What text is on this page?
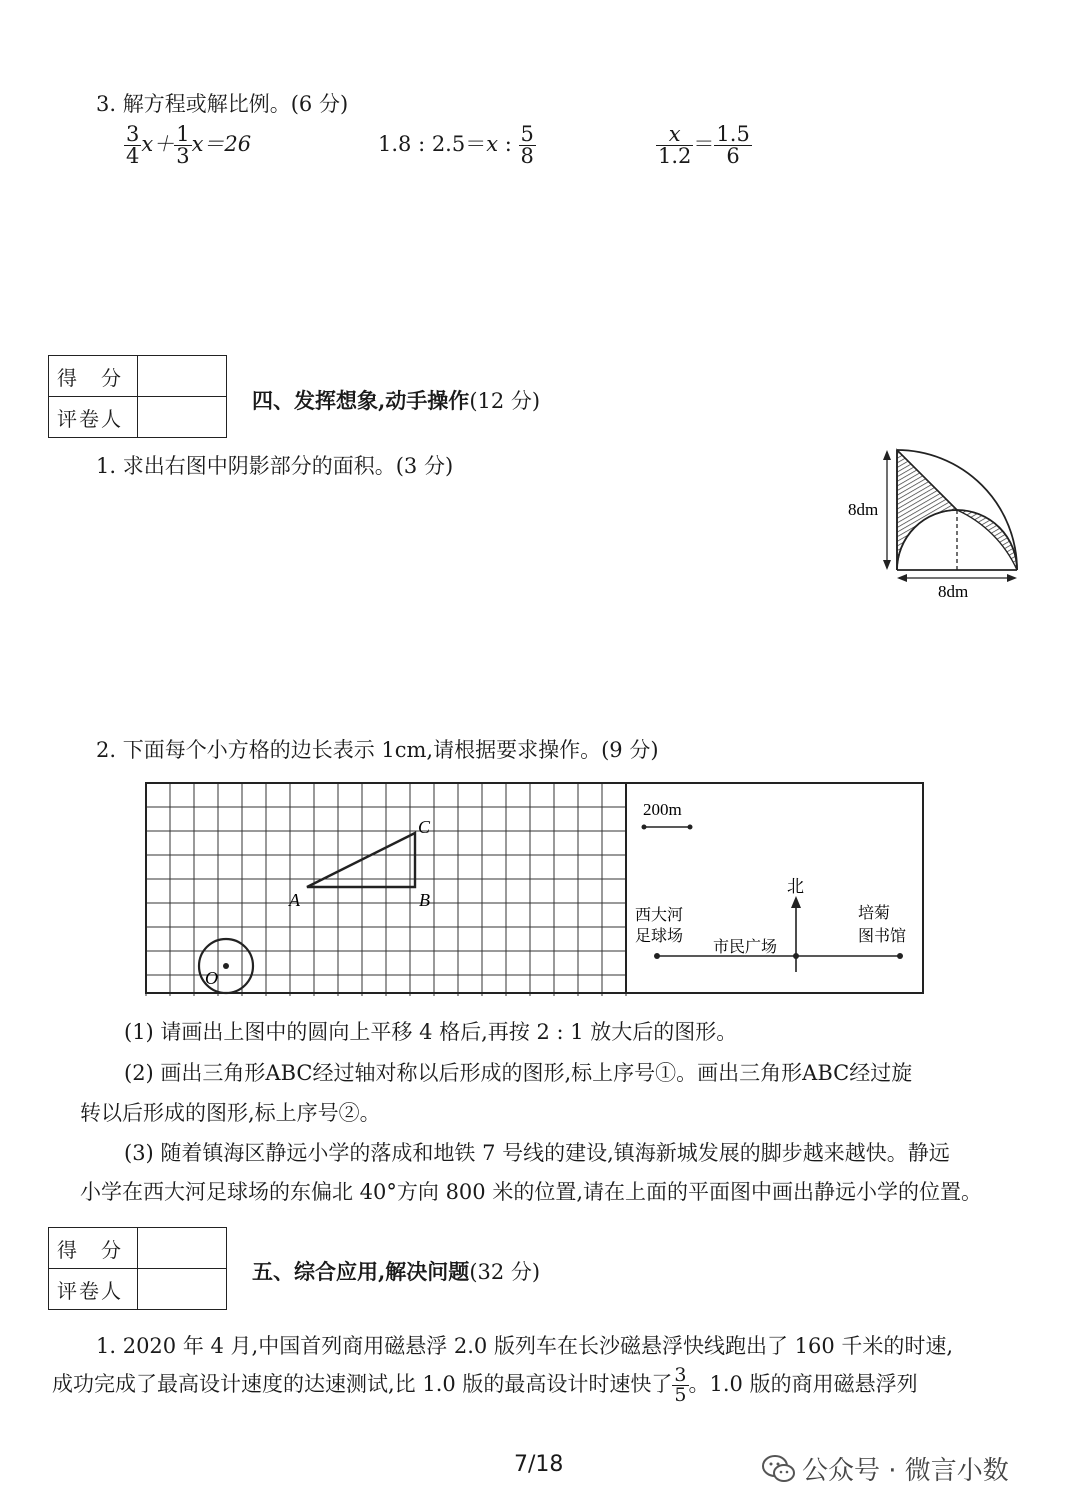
3. 解方程或解比例。(6 分)
$\frac{3}{4} x+ \frac{1}{3} x=26$	1.8 : 2.5＝x : $\frac{5}{8}$	$\frac{x}{1.2} = \frac{1.5}{6}$
得　分	
评卷人	
四、发挥想象,动手操作(12 分)
1. 求出右图中阴影部分的面积。(3 分)
8dm
8dm
2. 下面每个小方格的边长表示 1cm,请根据要求操作。(9 分)
A	B
C
O
200m
北
西大河
足球场
市民广场
培菊
图书馆
(1) 请画出上图中的圆向上平移 4 格后,再按 2 : 1 放大后的图形。
(2) 画出三角形ABC经过轴对称以后形成的图形,标上序号①。画出三角形ABC经过旋
转以后形成的图形,标上序号②。
(3) 随着镇海区静远小学的落成和地铁 7 号线的建设,镇海新城发展的脚步越来越快。静远
小学在西大河足球场的东偏北 40°方向 800 米的位置,请在上面的平面图中画出静远小学的位置。
得　分	
评卷人	
五、综合应用,解决问题(32 分)
1. 2020 年 4 月,中国首列商用磁悬浮 2.0 版列车在长沙磁悬浮快线跑出了 160 千米的时速,
成功完成了最高设计速度的达速测试,比 1.0 版的最高设计时速快了 $\frac{3}{5}$ 。1.0 版的商用磁悬浮列
7/18	公众号 · 微言小数
